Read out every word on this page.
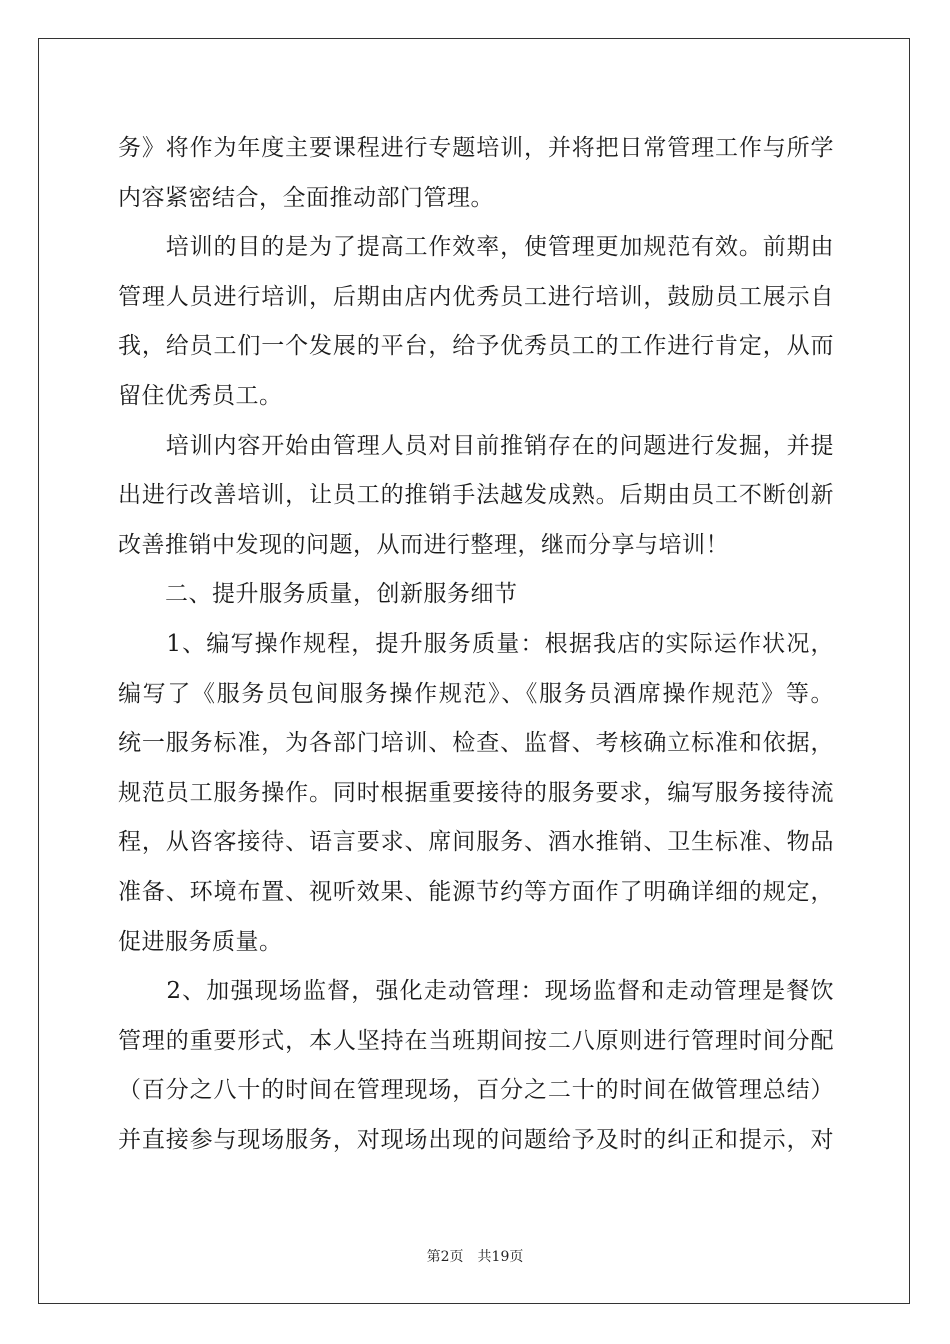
务》将作为年度主要课程进行专题培训，并将把日常管理工作与所学
内容紧密结合，全面推动部门管理。
　　培训的目的是为了提高工作效率，使管理更加规范有效。前期由
管理人员进行培训，后期由店内优秀员工进行培训，鼓励员工展示自
我，给员工们一个发展的平台，给予优秀员工的工作进行肯定，从而
留住优秀员工。
　　培训内容开始由管理人员对目前推销存在的问题进行发掘，并提
出进行改善培训，让员工的推销手法越发成熟。后期由员工不断创新
改善推销中发现的问题，从而进行整理，继而分享与培训！
　　二、提升服务质量，创新服务细节
　　1、编写操作规程，提升服务质量：根据我店的实际运作状况，
编写了《服务员包间服务操作规范》、《服务员酒席操作规范》等。
统一服务标准，为各部门培训、检查、监督、考核确立标准和依据，
规范员工服务操作。同时根据重要接待的服务要求，编写服务接待流
程，从咨客接待、语言要求、席间服务、酒水推销、卫生标准、物品
准备、环境布置、视听效果、能源节约等方面作了明确详细的规定，
促进服务质量。
　　2、加强现场监督，强化走动管理：现场监督和走动管理是餐饮
管理的重要形式，本人坚持在当班期间按二八原则进行管理时间分配
（百分之八十的时间在管理现场，百分之二十的时间在做管理总结）
并直接参与现场服务，对现场出现的问题给予及时的纠正和提示，对
第2页　共19页
